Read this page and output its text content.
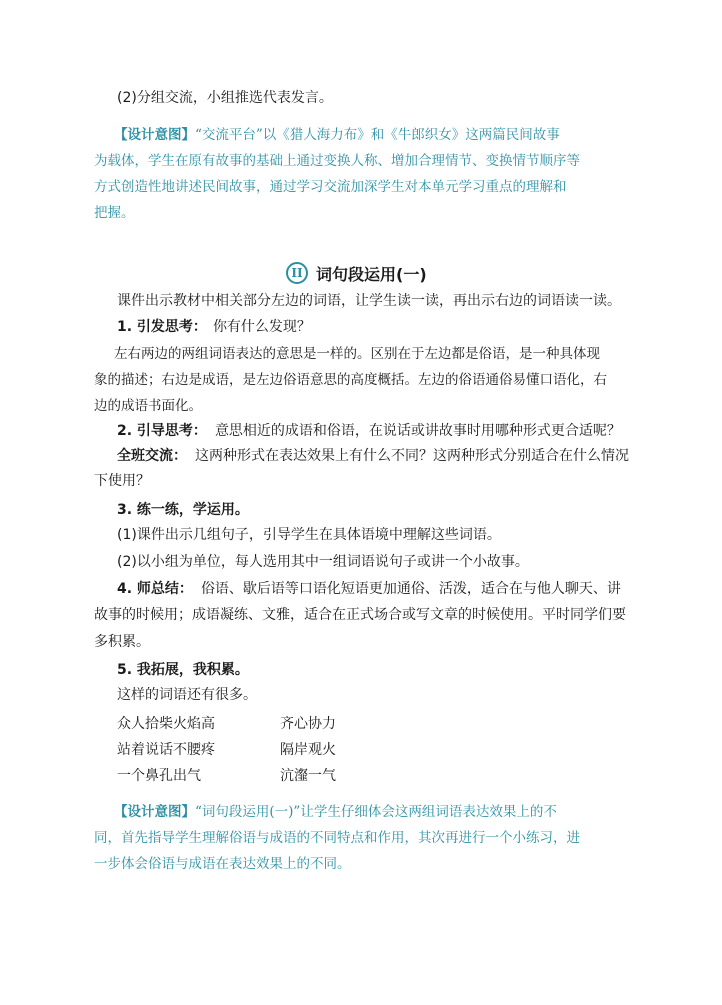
(2)分组交流，小组推选代表发言。
【设计意图】“交流平台”以《猎人海力布》和《牛郎织女》这两篇民间故事
为载体，学生在原有故事的基础上通过变换人称、增加合理情节、变换情节顺序等
方式创造性地讲述民间故事，通过学习交流加深学生对本单元学习重点的理解和
把握。
II 词句段运用(一)
课件出示教材中相关部分左边的词语，让学生读一读，再出示右边的词语读一读。
1. 引发思考： 你有什么发现？
左右两边的两组词语表达的意思是一样的。区别在于左边都是俗语，是一种具体现
象的描述；右边是成语，是左边俗语意思的高度概括。左边的俗语通俗易懂口语化，右
边的成语书面化。
2. 引导思考： 意思相近的成语和俗语，在说话或讲故事时用哪种形式更合适呢？
全班交流： 这两种形式在表达效果上有什么不同？这两种形式分别适合在什么情况
下使用？
3. 练一练，学运用。
(1)课件出示几组句子，引导学生在具体语境中理解这些词语。
(2)以小组为单位，每人选用其中一组词语说句子或讲一个小故事。
4. 师总结： 俗语、歇后语等口语化短语更加通俗、活泼，适合在与他人聊天、讲
故事的时候用；成语凝练、文雅，适合在正式场合或写文章的时候使用。平时同学们要
多积累。
5. 我拓展，我积累。
这样的词语还有很多。
众人拾柴火焰高	齐心协力
站着说话不腰疼	隔岸观火
一个鼻孔出气	沆瀣一气
【设计意图】“词句段运用(一)”让学生仔细体会这两组词语表达效果上的不
同，首先指导学生理解俗语与成语的不同特点和作用，其次再进行一个小练习，进
一步体会俗语与成语在表达效果上的不同。
